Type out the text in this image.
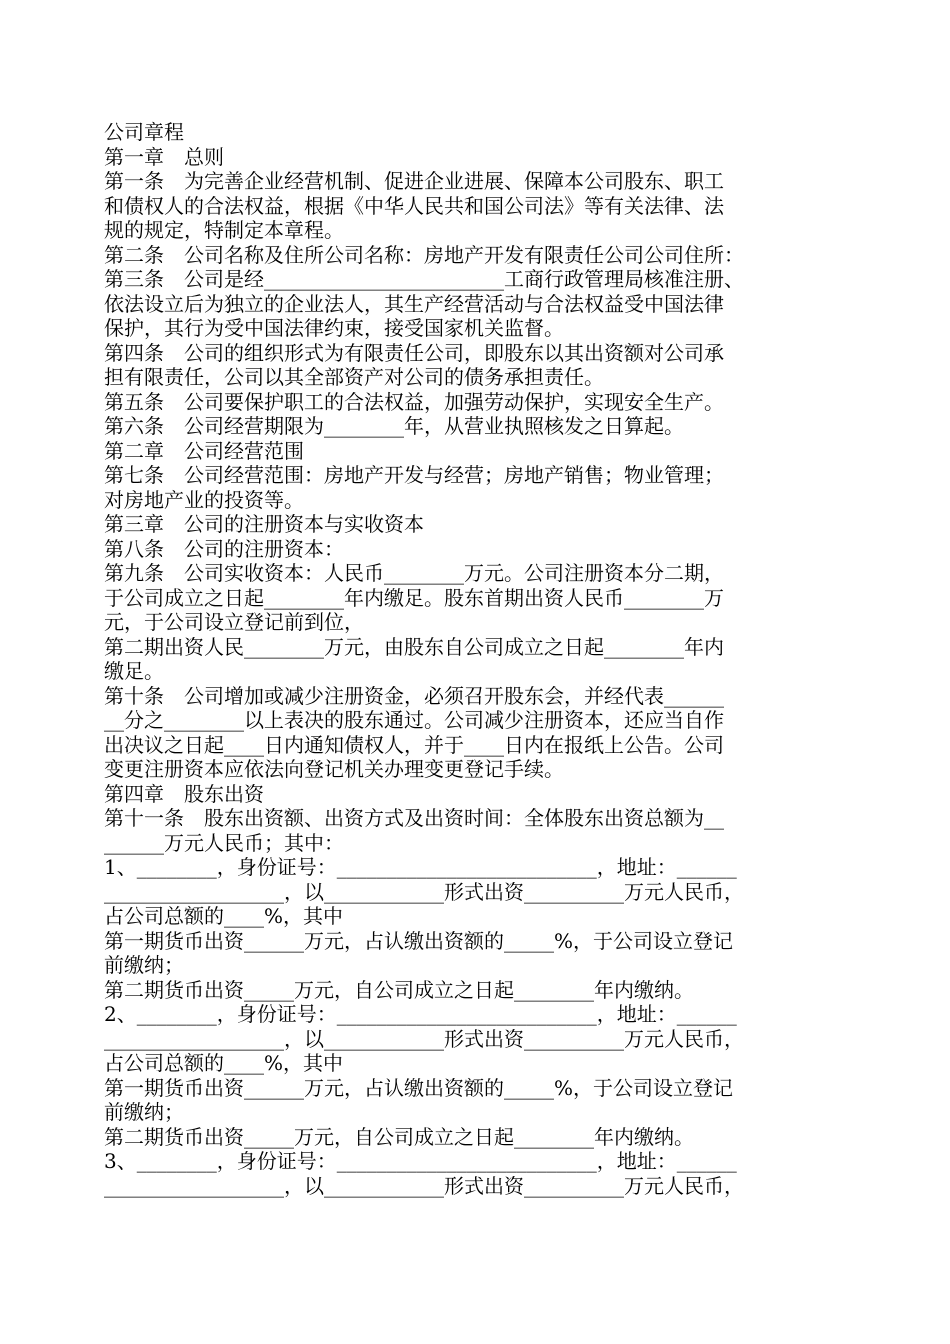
公司章程
第一章　总则
第一条　为完善企业经营机制、促进企业进展、保障本公司股东、职工
和债权人的合法权益，根据《中华人民共和国公司法》等有关法律、法
规的规定，特制定本章程。
第二条　公司名称及住所公司名称：房地产开发有限责任公司公司住所：
第三条　公司是经________________________工商行政管理局核准注册、
依法设立后为独立的企业法人，其生产经营活动与合法权益受中国法律
保护，其行为受中国法律约束，接受国家机关监督。
第四条　公司的组织形式为有限责任公司，即股东以其出资额对公司承
担有限责任，公司以其全部资产对公司的债务承担责任。
第五条　公司要保护职工的合法权益，加强劳动保护，实现安全生产。
第六条　公司经营期限为________年，从营业执照核发之日算起。
第二章　公司经营范围
第七条　公司经营范围：房地产开发与经营；房地产销售；物业管理；
对房地产业的投资等。
第三章　公司的注册资本与实收资本
第八条　公司的注册资本：
第九条　公司实收资本：人民币________万元。公司注册资本分二期，
于公司成立之日起________年内缴足。股东首期出资人民币________万
元，于公司设立登记前到位，
第二期出资人民________万元，由股东自公司成立之日起________年内
缴足。
第十条　公司增加或减少注册资金，必须召开股东会，并经代表______
__分之________以上表决的股东通过。公司减少注册资本，还应当自作
出决议之日起____日内通知债权人，并于____日内在报纸上公告。公司
变更注册资本应依法向登记机关办理变更登记手续。
第四章　股东出资
第十一条　股东出资额、出资方式及出资时间：全体股东出资总额为__
______万元人民币；其中：
1、________，身份证号：__________________________，地址：______
__________________，以____________形式出资__________万元人民币，
占公司总额的____%，其中
第一期货币出资______万元，占认缴出资额的_____%，于公司设立登记
前缴纳；
第二期货币出资_____万元，自公司成立之日起________年内缴纳。
2、________，身份证号：__________________________，地址：______
__________________，以____________形式出资__________万元人民币，
占公司总额的____%，其中
第一期货币出资______万元，占认缴出资额的_____%，于公司设立登记
前缴纳；
第二期货币出资_____万元，自公司成立之日起________年内缴纳。
3、________，身份证号：__________________________，地址：______
__________________，以____________形式出资__________万元人民币，
